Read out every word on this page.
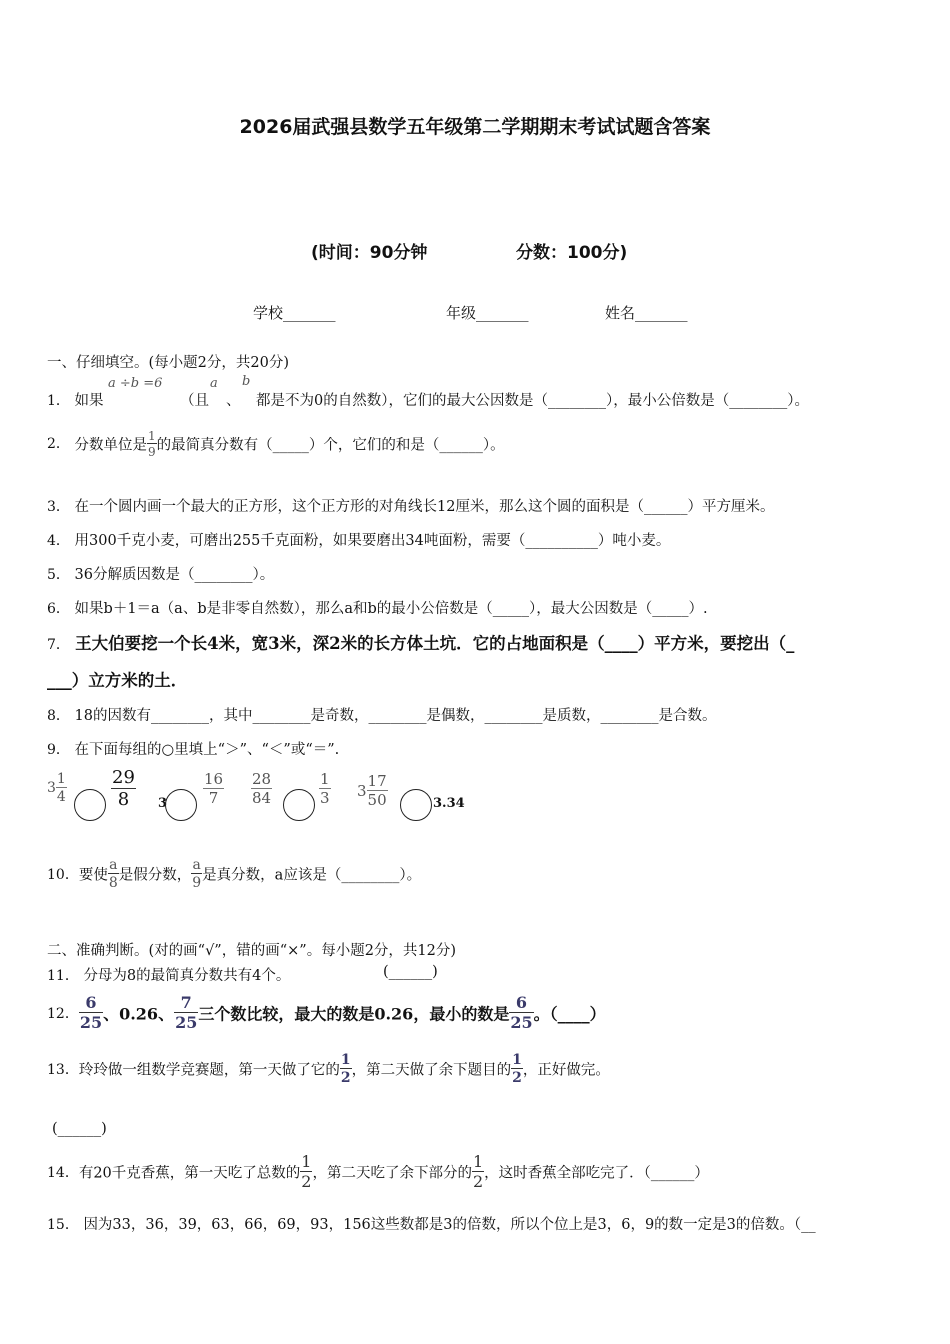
2026届武强县数学五年级第二学期期末考试试题含答案
(时间：90分钟	分数：100分)
学校_______	年级_______	姓名_______
一、仔细填空。(每小题2分，共20分)
1． 如果
a ÷b =6
（且
a
、
b
都是不为0的自然数），它们的最大公因数是（________），最小公倍数是（________）。
2． 分数单位是 $\frac{1}{9}$ 的最简真分数有（_____）个，它们的和是（______）。
3． 在一个圆内画一个最大的正方形，这个正方形的对角线长12厘米，那么这个圆的面积是（______）平方厘米。
4． 用300千克小麦，可磨出255千克面粉，如果要磨出34吨面粉，需要（__________）吨小麦。
5． 36分解质因数是（________）。
6． 如果b＋1＝a（a、b是非零自然数），那么a和b的最小公倍数是（_____），最大公因数是（_____）.
7． 王大伯要挖一个长4米，宽3米，深2米的长方体土坑．它的占地面积是（____）平方米，要挖出（_
___）立方米的土．
8． 18的因数有________，其中________是奇数，________是偶数，________是质数，________是合数。
9． 在下面每组的○里填上“＞”、“＜”或“＝”.
$3 \frac{1}{4} \frac{29}{8} 3 \frac{16}{7} \frac{28}{84}$	$\frac{1}{3} 3 \frac{17}{50}$	3.34
10．要使 $\frac{a}{8}$ 是假分数， $\frac{a}{9}$ 是真分数，a应该是（________）。
二、准确判断。(对的画“√”，错的画“×”。每小题2分，共12分)
11． 分母为8的最简真分数共有4个。	(______)
12． $\frac{6}{25}$ 、0.26、 $\frac{7}{25}$ 三个数比较，最大的数是0.26，最小的数是 $\frac{6}{25}$ 。（____）
13．玲玲做一组数学竞赛题，第一天做了它的 $\frac{1}{2}$ ，第二天做了余下题目的 $\frac{1}{2}$ ，正好做完。
(______)
14．有20千克香蕉，第一天吃了总数的 $\frac{1}{2}$ ，第二天吃了余下部分的 $\frac{1}{2}$ ，这时香蕉全部吃完了．（______）
15． 因为33，36，39，63，66，69，93，156这些数都是3的倍数，所以个位上是3，6，9的数一定是3的倍数。（__
